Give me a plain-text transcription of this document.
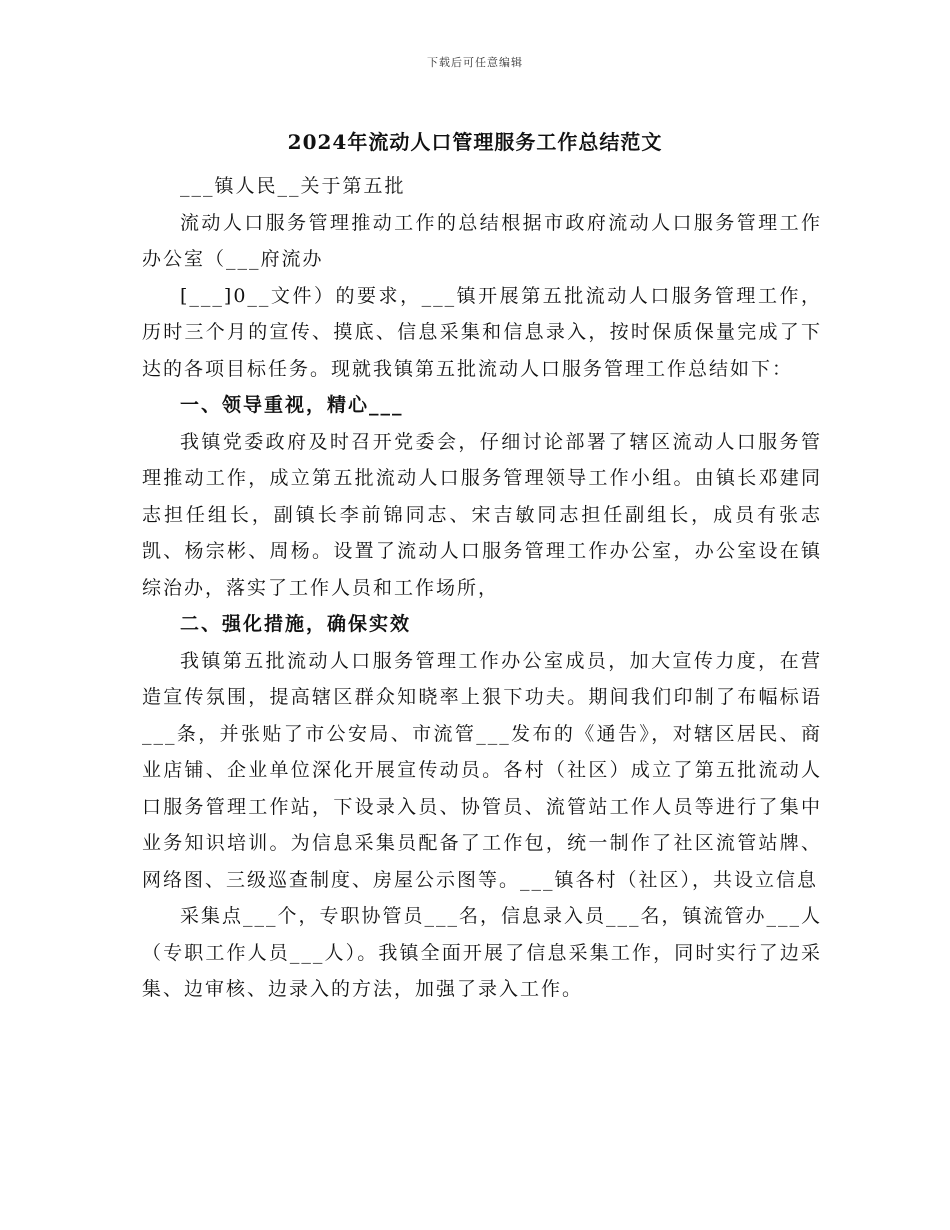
下载后可任意编辑
2024年流动人口管理服务工作总结范文

___镇人民__关于第五批

流动人口服务管理推动工作的总结根据市政府流动人口服务管理工作办公室（___府流办

[___]0__文件）的要求，___镇开展第五批流动人口服务管理工作，历时三个月的宣传、摸底、信息采集和信息录入，按时保质保量完成了下达的各项目标任务。现就我镇第五批流动人口服务管理工作总结如下：

一、领导重视，精心___

我镇党委政府及时召开党委会，仔细讨论部署了辖区流动人口服务管理推动工作，成立第五批流动人口服务管理领导工作小组。由镇长邓建同志担任组长，副镇长李前锦同志、宋吉敏同志担任副组长，成员有张志凯、杨宗彬、周杨。设置了流动人口服务管理工作办公室，办公室设在镇综治办，落实了工作人员和工作场所，

二、强化措施，确保实效

我镇第五批流动人口服务管理工作办公室成员，加大宣传力度，在营造宣传氛围，提高辖区群众知晓率上狠下功夫。期间我们印制了布幅标语___条，并张贴了市公安局、市流管___发布的《通告》，对辖区居民、商业店铺、企业单位深化开展宣传动员。各村（社区）成立了第五批流动人口服务管理工作站，下设录入员、协管员、流管站工作人员等进行了集中业务知识培训。为信息采集员配备了工作包，统一制作了社区流管站牌、网络图、三级巡查制度、房屋公示图等。___镇各村（社区），共设立信息

采集点___个，专职协管员___名，信息录入员___名，镇流管办___人（专职工作人员___人）。我镇全面开展了信息采集工作，同时实行了边采集、边审核、边录入的方法，加强了录入工作。
